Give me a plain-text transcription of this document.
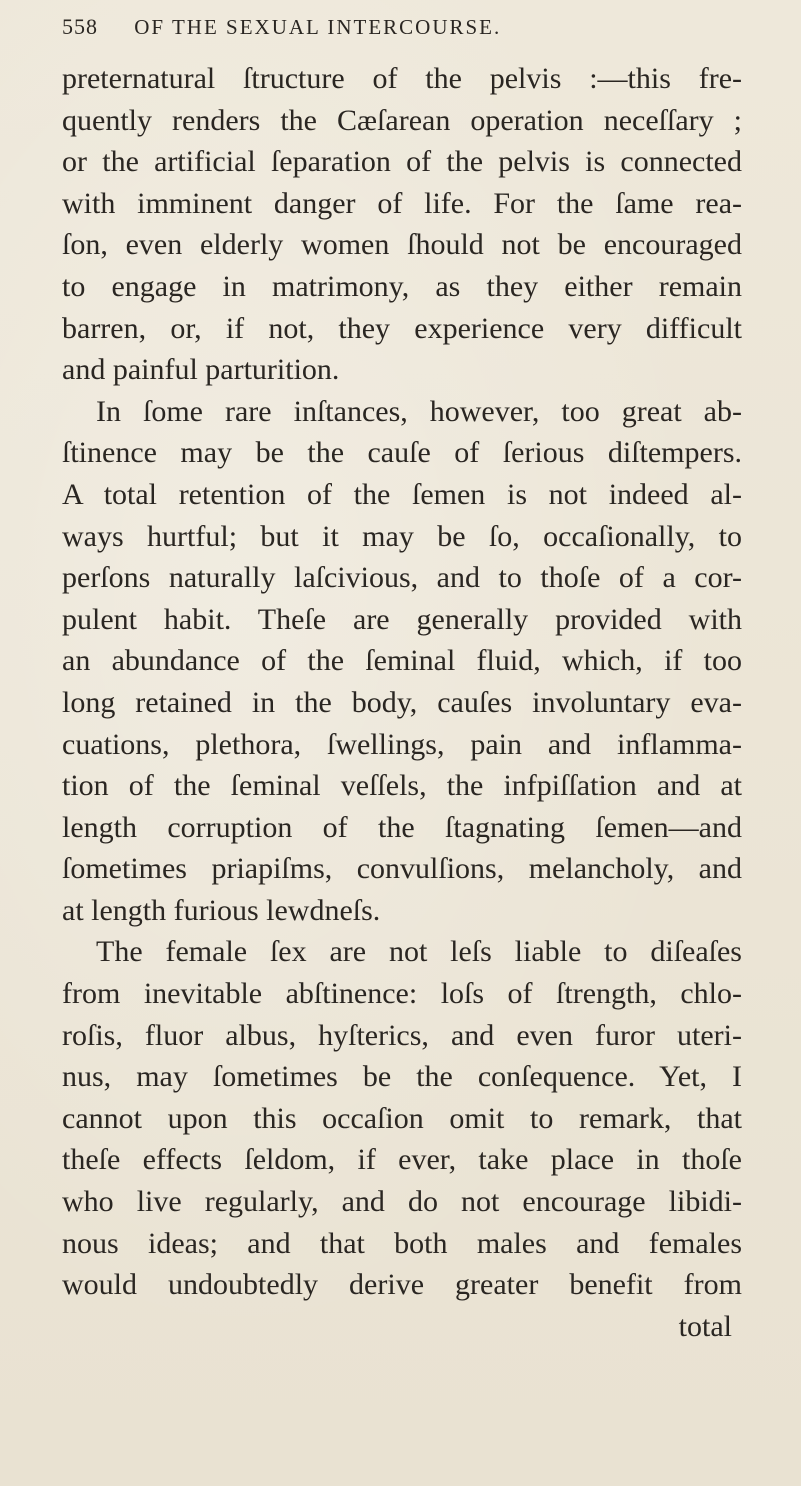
558 OF THE SEXUAL INTERCOURSE.
preternatural ſtructure of the pelvis :—this fre-
quently renders the Cæſarean operation neceſſary ;
or the artificial ſeparation of the pelvis is connected
with imminent danger of life. For the ſame rea-
ſon, even elderly women ſhould not be encouraged
to engage in matrimony, as they either remain
barren, or, if not, they experience very difficult
and painful parturition.
In ſome rare inſtances, however, too great ab-
ſtinence may be the cauſe of ſerious diſtempers.
A total retention of the ſemen is not indeed al-
ways hurtful; but it may be ſo, occaſionally, to
perſons naturally laſcivious, and to thoſe of a cor-
pulent habit. Theſe are generally provided with
an abundance of the ſeminal fluid, which, if too
long retained in the body, cauſes involuntary eva-
cuations, plethora, ſwellings, pain and inflamma-
tion of the ſeminal veſſels, the infpiſſation and at
length corruption of the ſtagnating ſemen—and
ſometimes priapiſms, convulſions, melancholy, and
at length furious lewdneſs.
The female ſex are not leſs liable to diſeaſes
from inevitable abſtinence: loſs of ſtrength, chlo-
roſis, fluor albus, hyſterics, and even furor uteri-
nus, may ſometimes be the conſequence. Yet, I
cannot upon this occaſion omit to remark, that
theſe effects ſeldom, if ever, take place in thoſe
who live regularly, and do not encourage libidi-
nous ideas; and that both males and females
would undoubtedly derive greater benefit from
total
